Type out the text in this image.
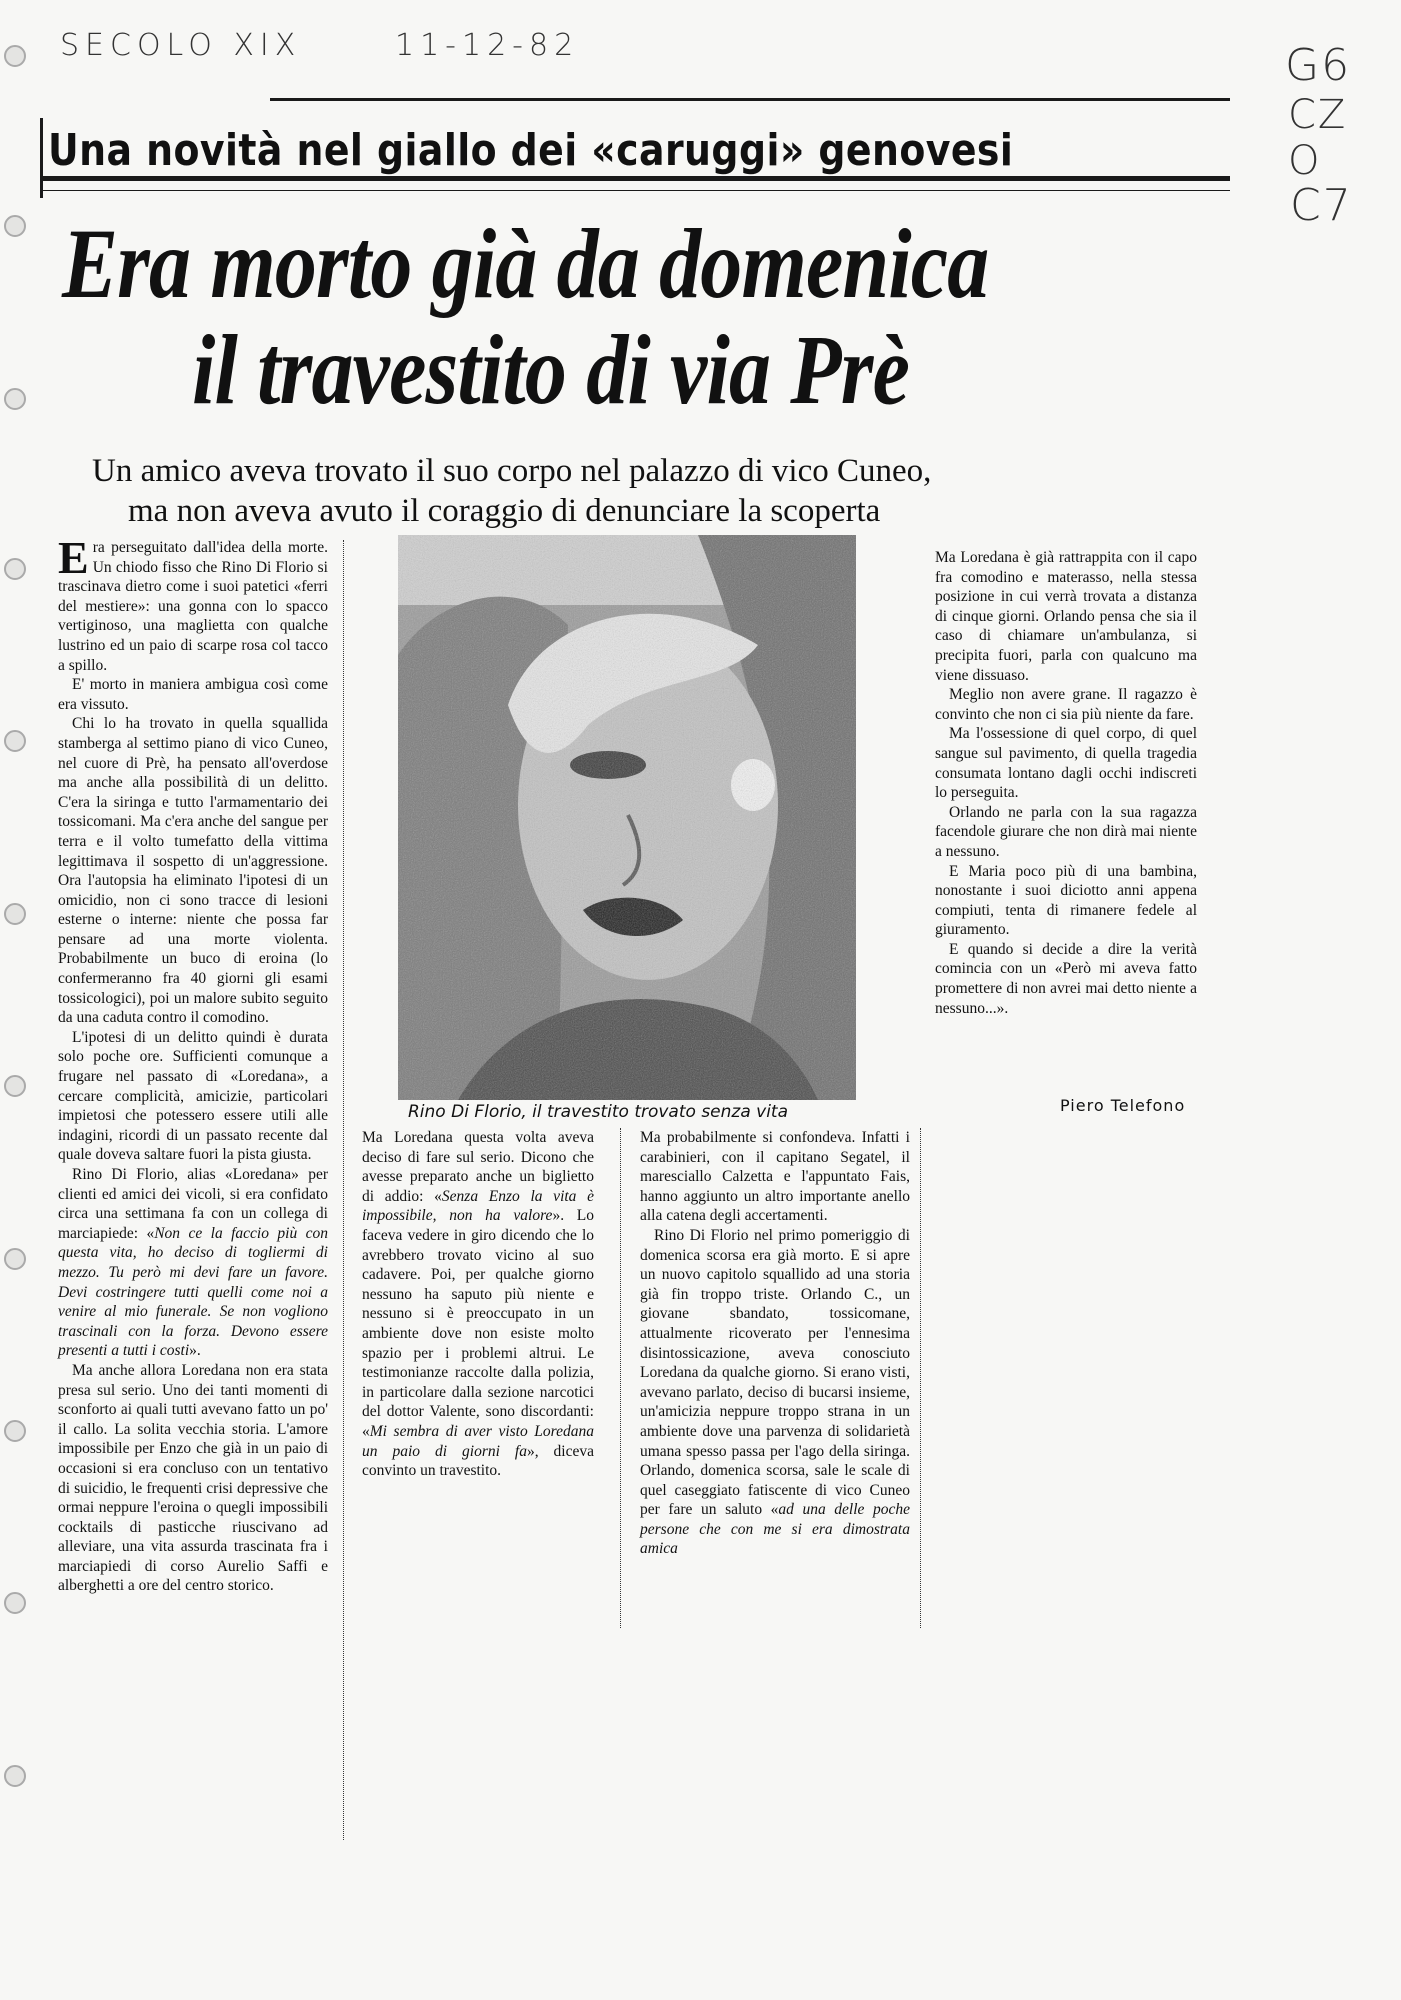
SECOLO XIX	11-12-82	G6
CZ
O
C7
Una novità nel giallo dei «caruggi» genovesi
Era morto già da domenica
il travestito di via Prè
Un amico aveva trovato il suo corpo nel palazzo di vico Cuneo,
ma non aveva avuto il coraggio di denunciare la scoperta

Era perseguitato dall'idea della morte. Un chiodo fisso che Rino Di Florio si trascinava dietro come i suoi patetici «ferri del mestiere»: una gonna con lo spacco vertiginoso, una maglietta con qualche lustrino ed un paio di scarpe rosa col tacco a spillo.

E' morto in maniera ambigua così come era vissuto.

Chi lo ha trovato in quella squallida stamberga al settimo piano di vico Cuneo, nel cuore di Prè, ha pensato all'overdose ma anche alla possibilità di un delitto. C'era la siringa e tutto l'armamentario dei tossicomani. Ma c'era anche del sangue per terra e il volto tumefatto della vittima legittimava il sospetto di un'aggressione. Ora l'autopsia ha eliminato l'ipotesi di un omicidio, non ci sono tracce di lesioni esterne o interne: niente che possa far pensare ad una morte violenta. Probabilmente un buco di eroina (lo confermeranno fra 40 giorni gli esami tossicologici), poi un malore subito seguito da una caduta contro il comodino.

L'ipotesi di un delitto quindi è durata solo poche ore. Sufficienti comunque a frugare nel passato di «Loredana», a cercare complicità, amicizie, particolari impietosi che potessero essere utili alle indagini, ricordi di un passato recente dal quale doveva saltare fuori la pista giusta.

Rino Di Florio, alias «Loredana» per clienti ed amici dei vicoli, si era confidato circa una settimana fa con un collega di marciapiede: «Non ce la faccio più con questa vita, ho deciso di togliermi di mezzo. Tu però mi devi fare un favore. Devi costringere tutti quelli come noi a venire al mio funerale. Se non vogliono trascinali con la forza. Devono essere presenti a tutti i costi».

Ma anche allora Loredana non era stata presa sul serio. Uno dei tanti momenti di sconforto ai quali tutti avevano fatto un po' il callo. La solita vecchia storia. L'amore impossibile per Enzo che già in un paio di occasioni si era concluso con un tentativo di suicidio, le frequenti crisi depressive che ormai neppure l'eroina o quegli impossibili cocktails di pasticche riuscivano ad alleviare, una vita assurda trascinata fra i marciapiedi di corso Aurelio Saffi e alberghetti a ore del centro storico.

Rino Di Florio, il travestito trovato senza vita

Ma Loredana questa volta aveva deciso di fare sul serio. Dicono che avesse preparato anche un biglietto di addio: «Senza Enzo la vita è impossibile, non ha valore». Lo faceva vedere in giro dicendo che lo avrebbero trovato vicino al suo cadavere. Poi, per qualche giorno nessuno ha saputo più niente e nessuno si è preoccupato in un ambiente dove non esiste molto spazio per i problemi altrui. Le testimonianze raccolte dalla polizia, in particolare dalla sezione narcotici del dottor Valente, sono discordanti: «Mi sembra di aver visto Loredana un paio di giorni fa», diceva convinto un travestito.

Ma probabilmente si confondeva. Infatti i carabinieri, con il capitano Segatel, il maresciallo Calzetta e l'appuntato Fais, hanno aggiunto un altro importante anello alla catena degli accertamenti.

Rino Di Florio nel primo pomeriggio di domenica scorsa era già morto. E si apre un nuovo capitolo squallido ad una storia già fin troppo triste. Orlando C., un giovane sbandato, tossicomane, attualmente ricoverato per l'ennesima disintossicazione, aveva conosciuto Loredana da qualche giorno. Si erano visti, avevano parlato, deciso di bucarsi insieme, un'amicizia neppure troppo strana in un ambiente dove una parvenza di solidarietà umana spesso passa per l'ago della siringa. Orlando, domenica scorsa, sale le scale di quel caseggiato fatiscente di vico Cuneo per fare un saluto «ad una delle poche persone che con me si era dimostrata amica

Ma Loredana è già rattrappita con il capo fra comodino e materasso, nella stessa posizione in cui verrà trovata a distanza di cinque giorni. Orlando pensa che sia il caso di chiamare un'ambulanza, si precipita fuori, parla con qualcuno ma viene dissuaso.

Meglio non avere grane. Il ragazzo è convinto che non ci sia più niente da fare.

Ma l'ossessione di quel corpo, di quel sangue sul pavimento, di quella tragedia consumata lontano dagli occhi indiscreti lo perseguita.

Orlando ne parla con la sua ragazza facendole giurare che non dirà mai niente a nessuno.

E Maria poco più di una bambina, nonostante i suoi diciotto anni appena compiuti, tenta di rimanere fedele al giuramento.

E quando si decide a dire la verità comincia con un «Però mi aveva fatto promettere di non avrei mai detto niente a nessuno...».

Piero Telefono
